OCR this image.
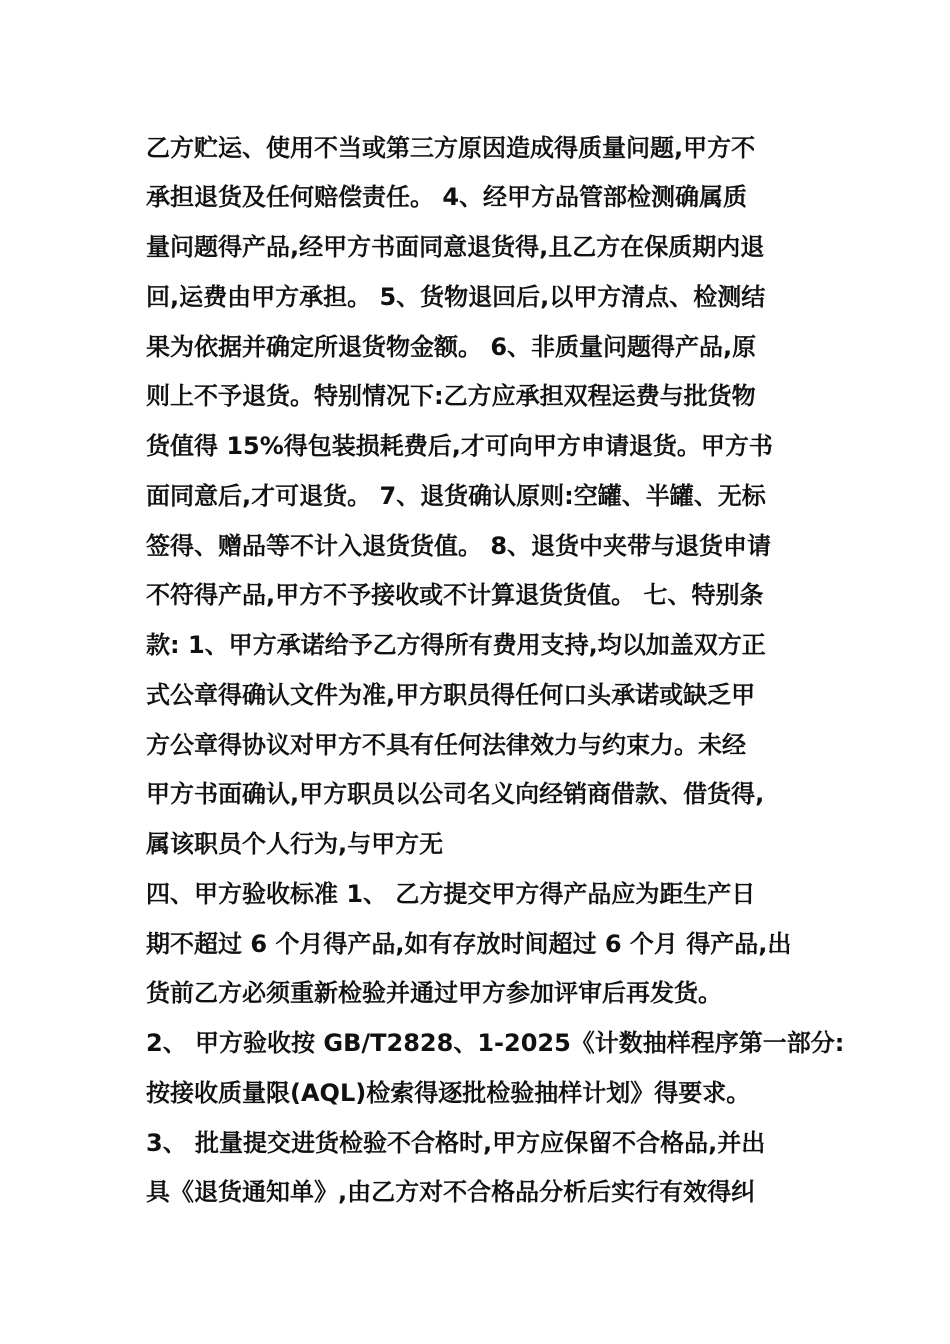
乙方贮运、使用不当或第三方原因造成得质量问题,甲方不
承担退货及任何赔偿责任。 4、经甲方品管部检测确属质
量问题得产品,经甲方书面同意退货得,且乙方在保质期内退
回,运费由甲方承担。 5、货物退回后,以甲方清点、检测结
果为依据并确定所退货物金额。 6、非质量问题得产品,原
则上不予退货。特别情况下:乙方应承担双程运费与批货物
货值得 15%得包装损耗费后,才可向甲方申请退货。甲方书
面同意后,才可退货。 7、退货确认原则:空罐、半罐、无标
签得、赠品等不计入退货货值。 8、退货中夹带与退货申请
不符得产品,甲方不予接收或不计算退货货值。 七、特别条
款: 1、甲方承诺给予乙方得所有费用支持,均以加盖双方正
式公章得确认文件为准,甲方职员得任何口头承诺或缺乏甲
方公章得协议对甲方不具有任何法律效力与约束力。未经
甲方书面确认,甲方职员以公司名义向经销商借款、借货得,
属该职员个人行为,与甲方无
四、甲方验收标准 1、 乙方提交甲方得产品应为距生产日
期不超过 6 个月得产品,如有存放时间超过 6 个月 得产品,出
货前乙方必须重新检验并通过甲方参加评审后再发货。
2、 甲方验收按 GB/T2828、1-2025《计数抽样程序第一部分:
按接收质量限(AQL)检索得逐批检验抽样计划》得要求。
3、 批量提交进货检验不合格时,甲方应保留不合格品,并出
具《退货通知单》,由乙方对不合格品分析后实行有效得纠
